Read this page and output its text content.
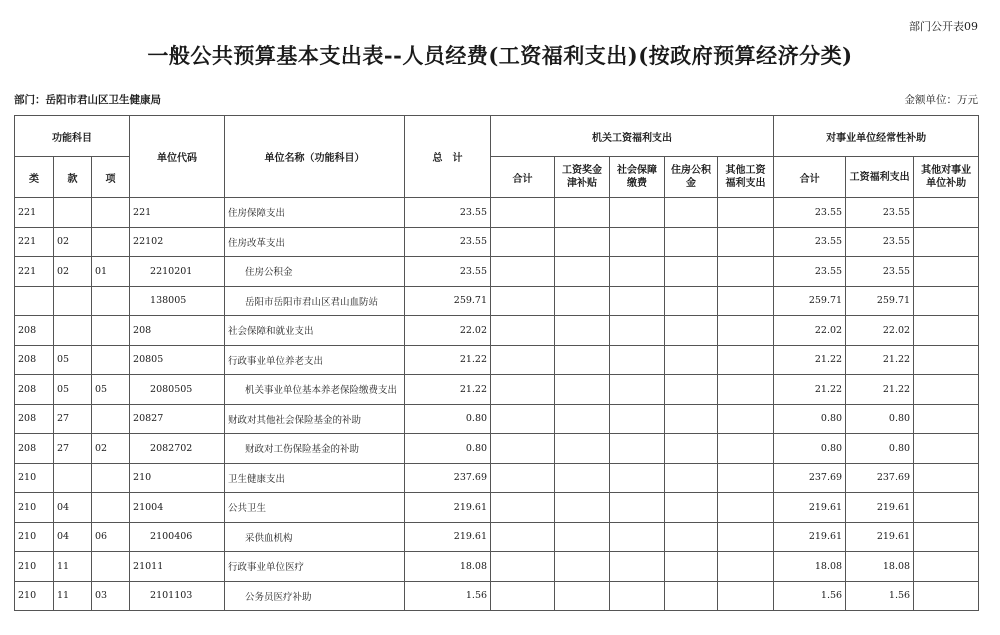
部门公开表09
一般公共预算基本支出表--人员经费(工资福利支出)(按政府预算经济分类)
部门：岳阳市君山区卫生健康局	金额单位：万元
功能科目			单位代码	单位名称（功能科目）	总　计	机关工资福利支出					对事业单位经常性补助		
类	款	项				合计	工资奖金津补贴	社会保障缴费	住房公积金	其他工资福利支出	合计	工资福利支出	其他对事业单位补助
221			221	住房保障支出	23.55						23.55	23.55	
221	02		22102	住房改革支出	23.55						23.55	23.55	
221	02	01	2210201	住房公积金	23.55						23.55	23.55	
			138005	岳阳市岳阳市君山区君山血防站	259.71						259.71	259.71	
208			208	社会保障和就业支出	22.02						22.02	22.02	
208	05		20805	行政事业单位养老支出	21.22						21.22	21.22	
208	05	05	2080505	机关事业单位基本养老保险缴费支出	21.22						21.22	21.22	
208	27		20827	财政对其他社会保险基金的补助	0.80						0.80	0.80	
208	27	02	2082702	财政对工伤保险基金的补助	0.80						0.80	0.80	
210			210	卫生健康支出	237.69						237.69	237.69	
210	04		21004	公共卫生	219.61						219.61	219.61	
210	04	06	2100406	采供血机构	219.61						219.61	219.61	
210	11		21011	行政事业单位医疗	18.08						18.08	18.08	
210	11	03	2101103	公务员医疗补助	1.56						1.56	1.56	
